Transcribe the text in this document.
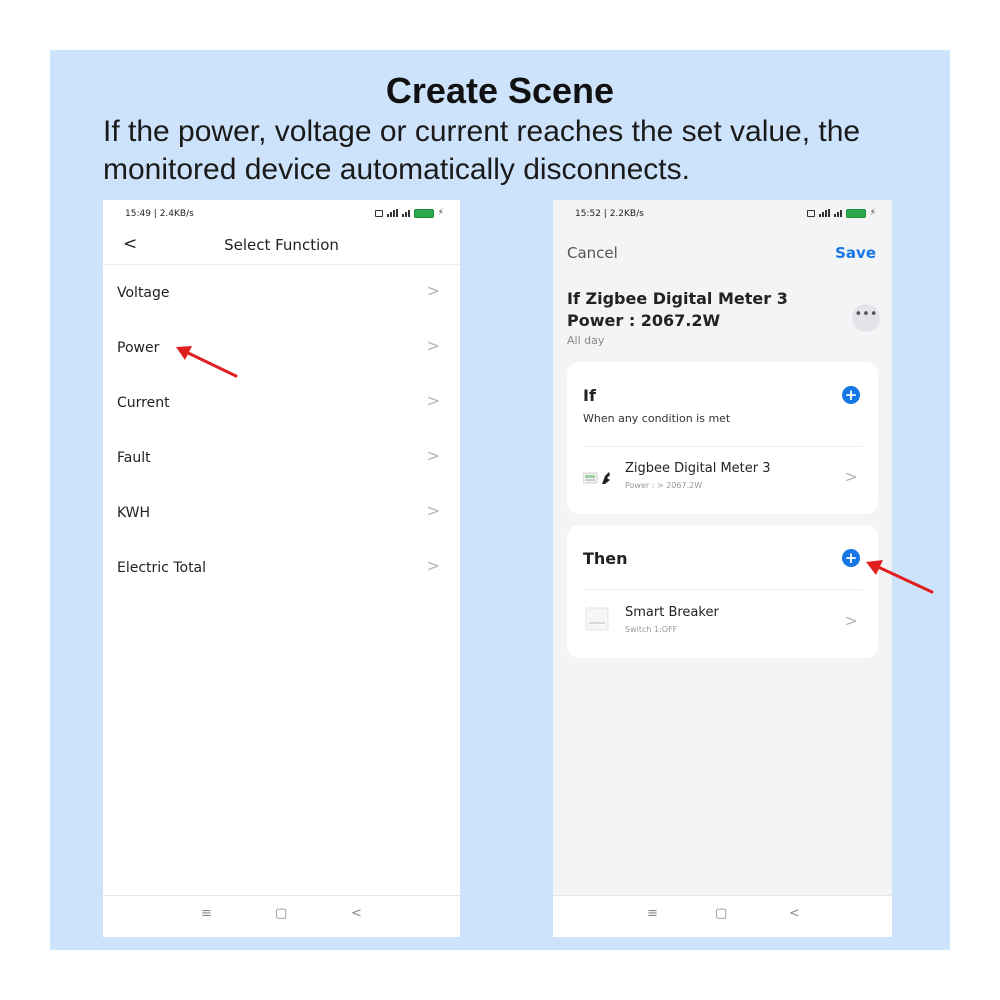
Create Scene
If the power, voltage or current reaches the set value, the monitored device automatically disconnects.
15:49 | 2.4KB/s	⚡
<	Select Function
Voltage	>
Power	>
Current	>
Fault	>
KWH	>
Electric Total	>
≡	▢	<
15:52 | 2.2KB/s	⚡
Cancel	Save
If Zigbee Digital Meter 3 Power : 2067.2W	•••
All day
If
When any condition is met
+
Zigbee Digital Meter 3
Power : > 2067.2W	>
Then	+
Smart Breaker
Switch 1:OFF	>
≡	▢	<
